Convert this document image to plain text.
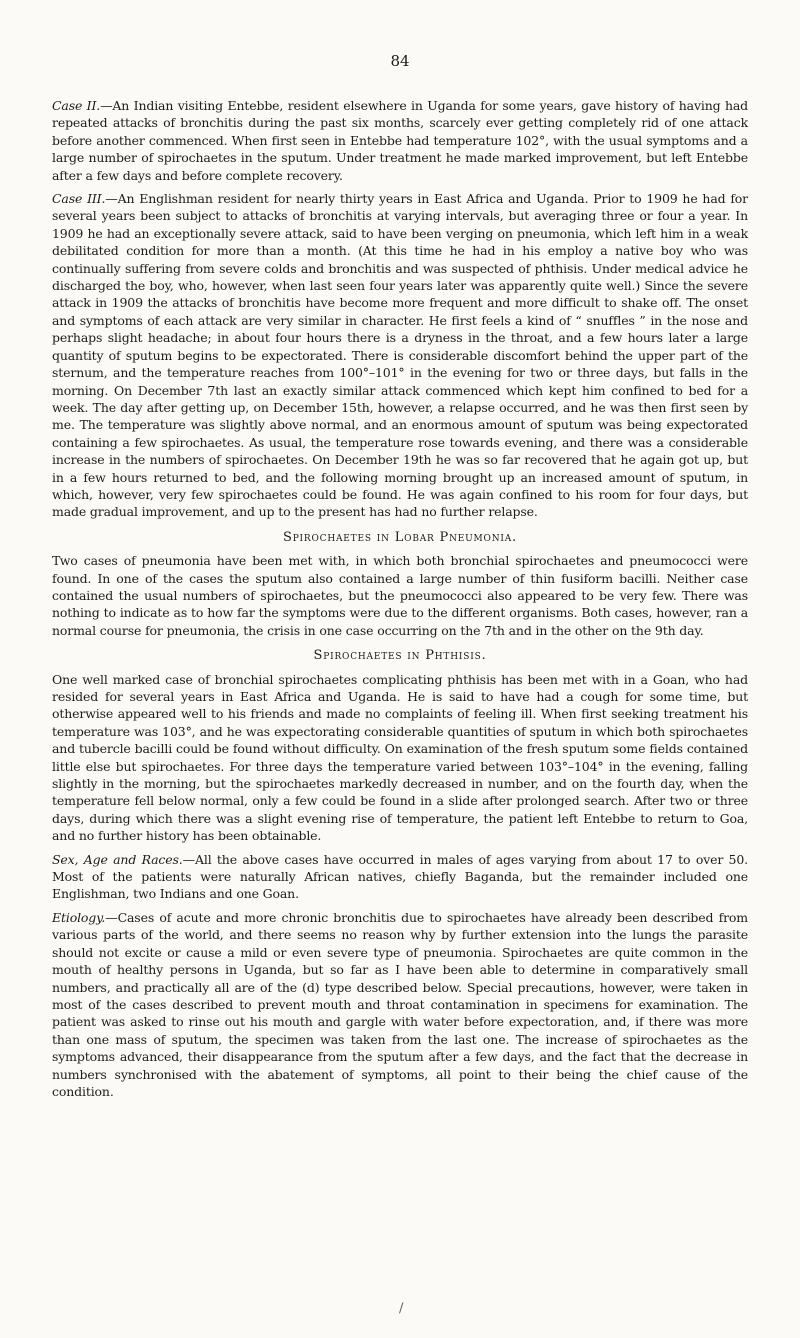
84

Case II.—An Indian visiting Entebbe, resident elsewhere in Uganda for some years, gave history of having had repeated attacks of bronchitis during the past six months, scarcely ever getting completely rid of one attack before another commenced. When first seen in Entebbe had temperature 102°, with the usual symptoms and a large number of spirochaetes in the sputum. Under treatment he made marked improvement, but left Entebbe after a few days and before complete recovery.

Case III.—An Englishman resident for nearly thirty years in East Africa and Uganda. Prior to 1909 he had for several years been subject to attacks of bronchitis at varying intervals, but averaging three or four a year. In 1909 he had an exceptionally severe attack, said to have been verging on pneumonia, which left him in a weak debilitated condition for more than a month. (At this time he had in his employ a native boy who was continually suffering from severe colds and bronchitis and was suspected of phthisis. Under medical advice he discharged the boy, who, however, when last seen four years later was apparently quite well.) Since the severe attack in 1909 the attacks of bronchitis have become more frequent and more difficult to shake off. The onset and symptoms of each attack are very similar in character. He first feels a kind of “ snuffles ” in the nose and perhaps slight headache; in about four hours there is a dryness in the throat, and a few hours later a large quantity of sputum begins to be expectorated. There is considerable discomfort behind the upper part of the sternum, and the temperature reaches from 100°–101° in the evening for two or three days, but falls in the morning. On December 7th last an exactly similar attack commenced which kept him confined to bed for a week. The day after getting up, on December 15th, however, a relapse occurred, and he was then first seen by me. The temperature was slightly above normal, and an enormous amount of sputum was being expectorated containing a few spirochaetes. As usual, the temperature rose towards evening, and there was a considerable increase in the numbers of spirochaetes. On December 19th he was so far recovered that he again got up, but in a few hours returned to bed, and the following morning brought up an increased amount of sputum, in which, however, very few spirochaetes could be found. He was again confined to his room for four days, but made gradual improvement, and up to the present has had no further relapse.

Spirochaetes in Lobar Pneumonia.

Two cases of pneumonia have been met with, in which both bronchial spirochaetes and pneumococci were found. In one of the cases the sputum also contained a large number of thin fusiform bacilli. Neither case contained the usual numbers of spirochaetes, but the pneumococci also appeared to be very few. There was nothing to indicate as to how far the symptoms were due to the different organisms. Both cases, however, ran a normal course for pneumonia, the crisis in one case occurring on the 7th and in the other on the 9th day.

Spirochaetes in Phthisis.

One well marked case of bronchial spirochaetes complicating phthisis has been met with in a Goan, who had resided for several years in East Africa and Uganda. He is said to have had a cough for some time, but otherwise appeared well to his friends and made no complaints of feeling ill. When first seeking treatment his temperature was 103°, and he was expectorating considerable quantities of sputum in which both spirochaetes and tubercle bacilli could be found without difficulty. On examination of the fresh sputum some fields contained little else but spirochaetes. For three days the temperature varied between 103°–104° in the evening, falling slightly in the morning, but the spirochaetes markedly decreased in number, and on the fourth day, when the temperature fell below normal, only a few could be found in a slide after prolonged search. After two or three days, during which there was a slight evening rise of temperature, the patient left Entebbe to return to Goa, and no further history has been obtainable.

Sex, Age and Races.—All the above cases have occurred in males of ages varying from about 17 to over 50. Most of the patients were naturally African natives, chiefly Baganda, but the remainder included one Englishman, two Indians and one Goan.

Etiology.—Cases of acute and more chronic bronchitis due to spirochaetes have already been described from various parts of the world, and there seems no reason why by further extension into the lungs the parasite should not excite or cause a mild or even severe type of pneumonia. Spirochaetes are quite common in the mouth of healthy persons in Uganda, but so far as I have been able to determine in comparatively small numbers, and practically all are of the (d) type described below. Special precautions, however, were taken in most of the cases described to prevent mouth and throat contamination in specimens for examination. The patient was asked to rinse out his mouth and gargle with water before expectoration, and, if there was more than one mass of sputum, the specimen was taken from the last one. The increase of spirochaetes as the symptoms advanced, their disappearance from the sputum after a few days, and the fact that the decrease in numbers synchronised with the abatement of symptoms, all point to their being the chief cause of the condition.

/
